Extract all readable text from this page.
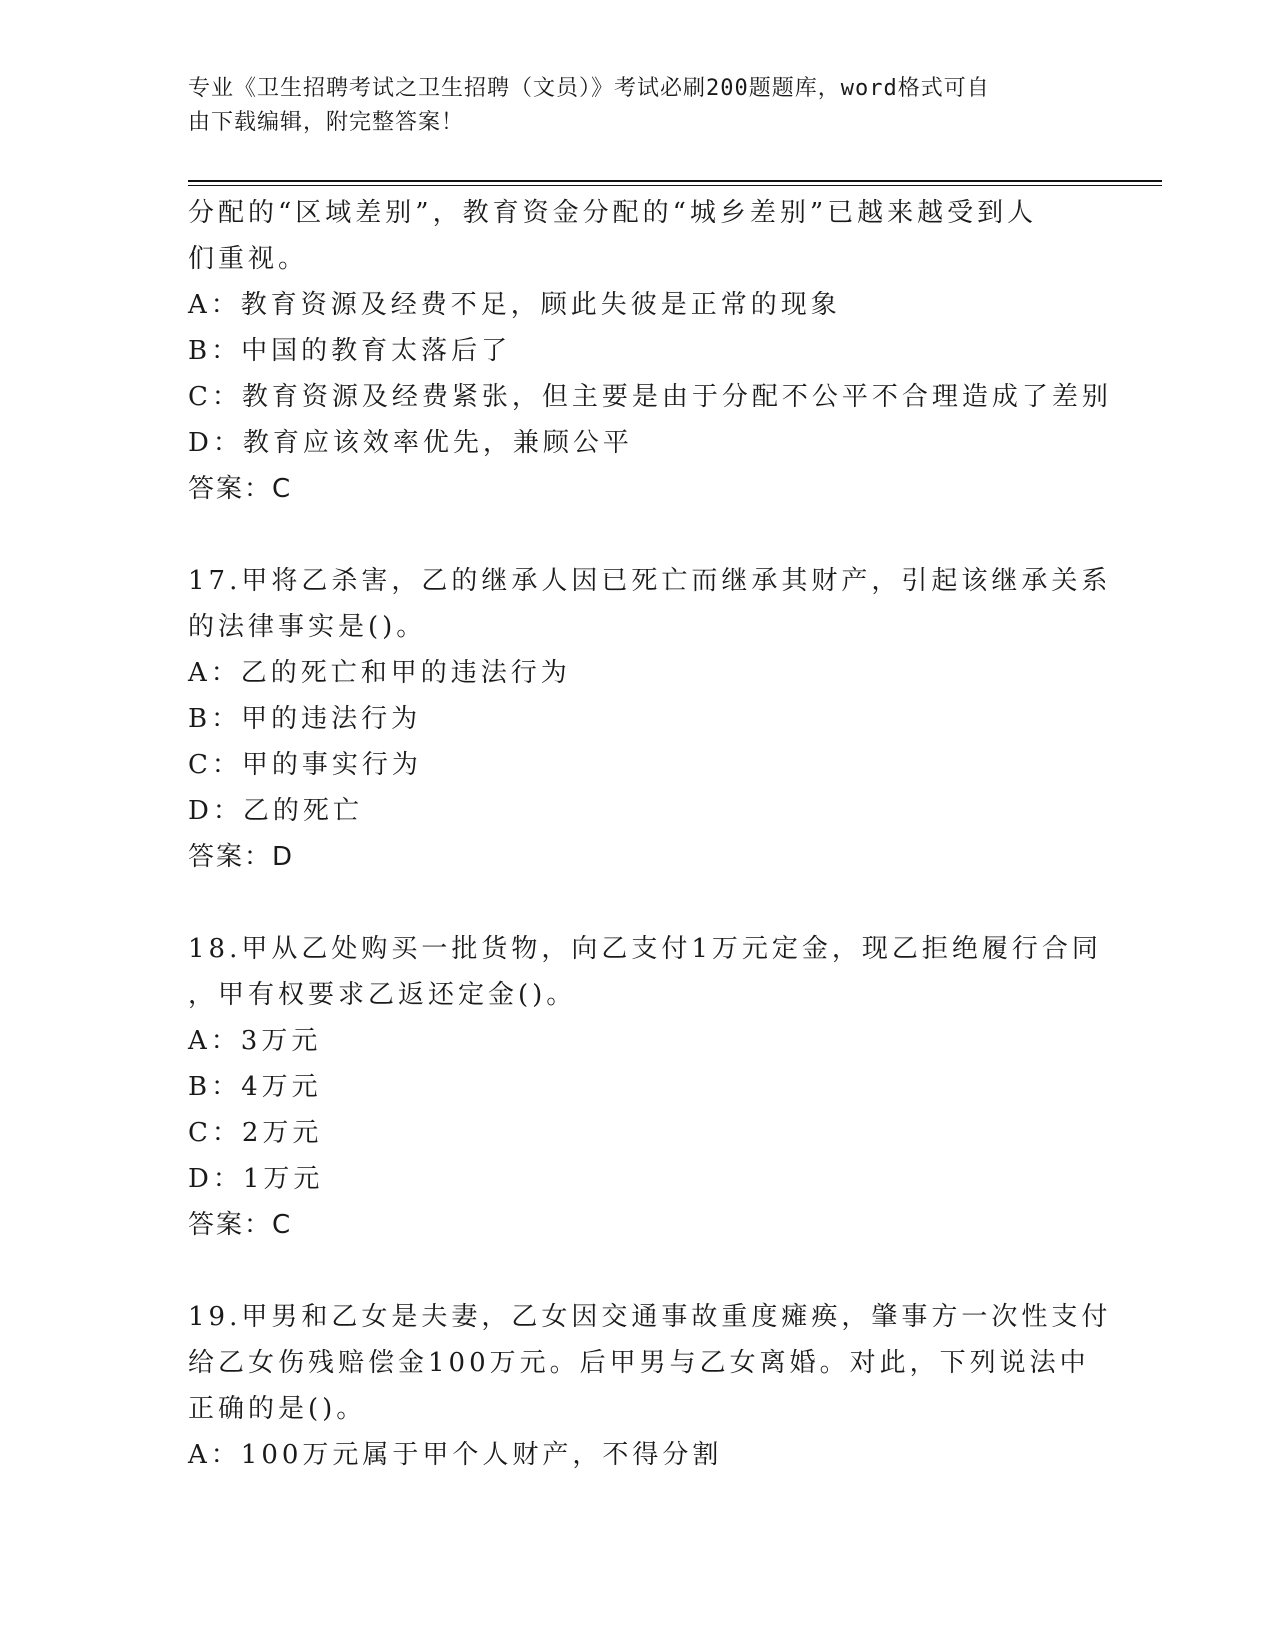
专业《卫生招聘考试之卫生招聘（文员）》考试必刷200题题库，word格式可自
由下载编辑，附完整答案！
分配的“区域差别”，教育资金分配的“城乡差别”已越来越受到人
们重视。
A：教育资源及经费不足，顾此失彼是正常的现象
B：中国的教育太落后了
C：教育资源及经费紧张，但主要是由于分配不公平不合理造成了差别
D：教育应该效率优先，兼顾公平
答案：C
17.甲将乙杀害，乙的继承人因已死亡而继承其财产，引起该继承关系
的法律事实是()。
A：乙的死亡和甲的违法行为
B：甲的违法行为
C：甲的事实行为
D：乙的死亡
答案：D
18.甲从乙处购买一批货物，向乙支付1万元定金，现乙拒绝履行合同
，甲有权要求乙返还定金()。
A：3万元
B：4万元
C：2万元
D：1万元
答案：C
19.甲男和乙女是夫妻，乙女因交通事故重度瘫痪，肇事方一次性支付
给乙女伤残赔偿金100万元。后甲男与乙女离婚。对此，下列说法中
正确的是()。
A：100万元属于甲个人财产，不得分割
